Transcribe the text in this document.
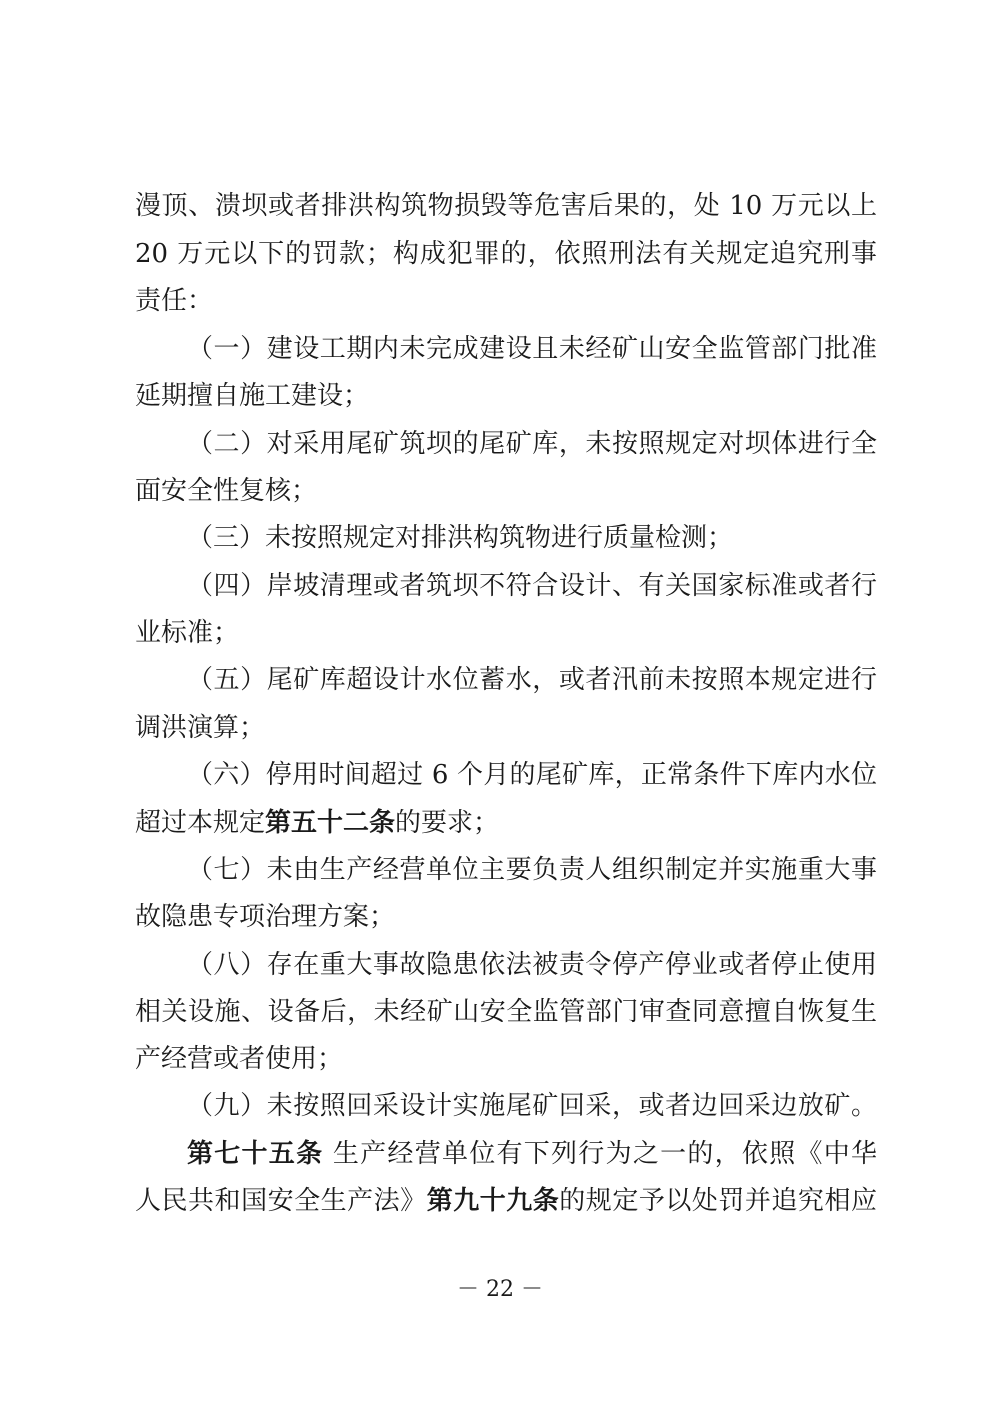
漫顶、溃坝或者排洪构筑物损毁等危害后果的，处 10 万元以上

20 万元以下的罚款；构成犯罪的，依照刑法有关规定追究刑事

责任：

（一）建设工期内未完成建设且未经矿山安全监管部门批准

延期擅自施工建设；

（二）对采用尾矿筑坝的尾矿库，未按照规定对坝体进行全

面安全性复核；

（三）未按照规定对排洪构筑物进行质量检测；

（四）岸坡清理或者筑坝不符合设计、有关国家标准或者行

业标准；

（五）尾矿库超设计水位蓄水，或者汛前未按照本规定进行

调洪演算；

（六）停用时间超过 6 个月的尾矿库，正常条件下库内水位

超过本规定第五十二条的要求；

（七）未由生产经营单位主要负责人组织制定并实施重大事

故隐患专项治理方案；

（八）存在重大事故隐患依法被责令停产停业或者停止使用

相关设施、设备后，未经矿山安全监管部门审查同意擅自恢复生

产经营或者使用；

（九）未按照回采设计实施尾矿回采，或者边回采边放矿。

第七十五条 生产经营单位有下列行为之一的，依照《中华

人民共和国安全生产法》第九十九条的规定予以处罚并追究相应

－ 22 －
